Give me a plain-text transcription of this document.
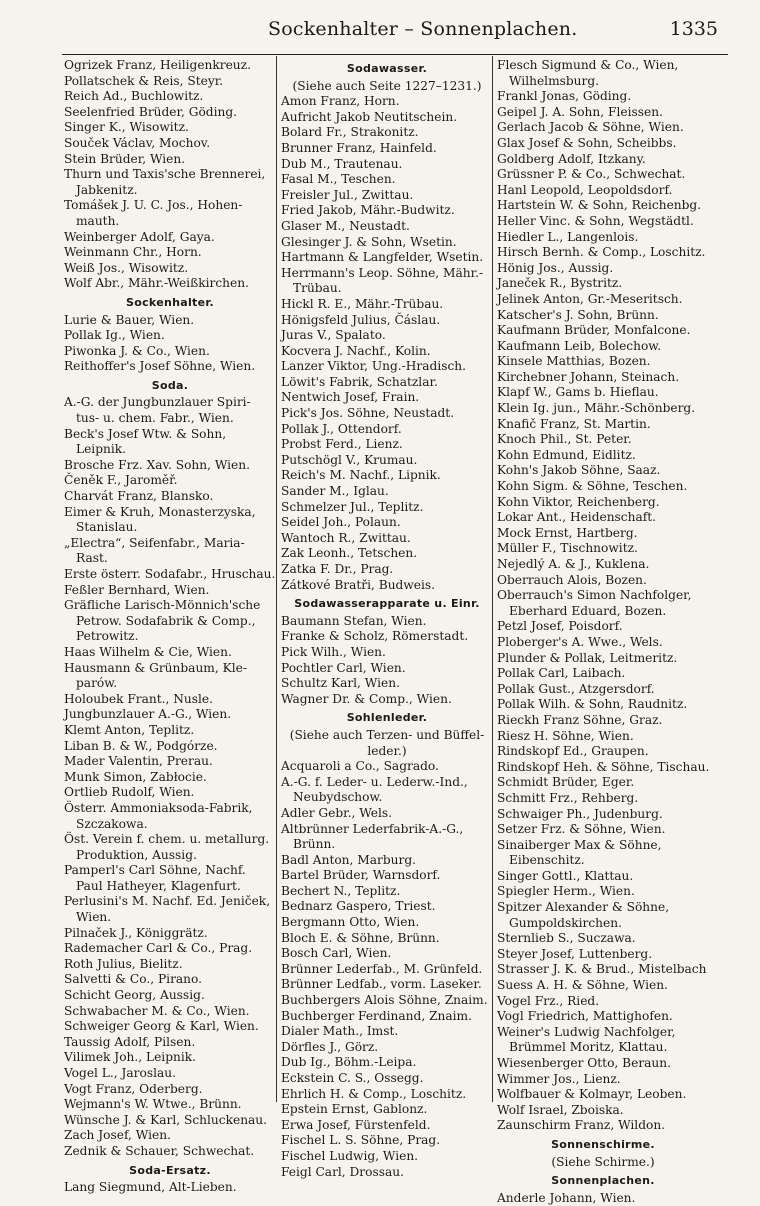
Sockenhalter – Sonnenplachen.	1335
Ogrizek Franz, Heiligenkreuz.
Pollatschek & Reis, Steyr.
Reich Ad., Buchlowitz.
Seelenfried Brüder, Göding.
Singer K., Wisowitz.
Souček Václav, Mochov.
Stein Brüder, Wien.
Thurn und Taxis'sche Brennerei,
Jabkenitz.
Tomášek J. U. C. Jos., Hohen-
mauth.
Weinberger Adolf, Gaya.
Weinmann Chr., Horn.
Weiß Jos., Wisowitz.
Wolf Abr., Mähr.-Weißkirchen.
Sockenhalter.
Lurie & Bauer, Wien.
Pollak Ig., Wien.
Piwonka J. & Co., Wien.
Reithoffer's Josef Söhne, Wien.
Soda.
A.-G. der Jungbunzlauer Spiri-
tus- u. chem. Fabr., Wien.
Beck's Josef Wtw. & Sohn,
Leipnik.
Brosche Frz. Xav. Sohn, Wien.
Čeněk F., Jaroměř.
Charvát Franz, Blansko.
Eimer & Kruh, Monasterzyska,
Stanislau.
„Electra“, Seifenfabr., Maria-
Rast.
Erste österr. Sodafabr., Hruschau.
Feßler Bernhard, Wien.
Gräfliche Larisch-Mönnich'sche
Petrow. Sodafabrik & Comp.,
Petrowitz.
Haas Wilhelm & Cie, Wien.
Hausmann & Grünbaum, Kle-
parów.
Holoubek Frant., Nusle.
Jungbunzlauer A.-G., Wien.
Klemt Anton, Teplitz.
Liban B. & W., Podgórze.
Mader Valentin, Prerau.
Munk Simon, Zabłocie.
Ortlieb Rudolf, Wien.
Österr. Ammoniaksoda-Fabrik,
Szczakowa.
Öst. Verein f. chem. u. metallurg.
Produktion, Aussig.
Pamperl's Carl Söhne, Nachf.
Paul Hatheyer, Klagenfurt.
Perlusini's M. Nachf. Ed. Jeniček,
Wien.
Pilnaček J., Königgrätz.
Rademacher Carl & Co., Prag.
Roth Julius, Bielitz.
Salvetti & Co., Pirano.
Schicht Georg, Aussig.
Schwabacher M. & Co., Wien.
Schweiger Georg & Karl, Wien.
Taussig Adolf, Pilsen.
Vilimek Joh., Leipnik.
Vogel L., Jaroslau.
Vogt Franz, Oderberg.
Wejmann's W. Wtwe., Brünn.
Wünsche J. & Karl, Schluckenau.
Zach Josef, Wien.
Zednik & Schauer, Schwechat.
Soda-Ersatz.
Lang Siegmund, Alt-Lieben.
Sodawasser.
(Siehe auch Seite 1227–1231.)
Amon Franz, Horn.
Aufricht Jakob Neutitschein.
Bolard Fr., Strakonitz.
Brunner Franz, Hainfeld.
Dub M., Trautenau.
Fasal M., Teschen.
Freisler Jul., Zwittau.
Fried Jakob, Mähr.-Budwitz.
Glaser M., Neustadt.
Glesinger J. & Sohn, Wsetin.
Hartmann & Langfelder, Wsetin.
Herrmann's Leop. Söhne, Mähr.-
Trübau.
Hickl R. E., Mähr.-Trübau.
Hönigsfeld Julius, Čáslau.
Juras V., Spalato.
Kocvera J. Nachf., Kolin.
Lanzer Viktor, Ung.-Hradisch.
Löwit's Fabrik, Schatzlar.
Nentwich Josef, Frain.
Pick's Jos. Söhne, Neustadt.
Pollak J., Ottendorf.
Probst Ferd., Lienz.
Putschögl V., Krumau.
Reich's M. Nachf., Lipnik.
Sander M., Iglau.
Schmelzer Jul., Teplitz.
Seidel Joh., Polaun.
Wantoch R., Zwittau.
Zak Leonh., Tetschen.
Zatka F. Dr., Prag.
Zátkové Bratři, Budweis.
Sodawasserapparate u. Einr.
Baumann Stefan, Wien.
Franke & Scholz, Römerstadt.
Pick Wilh., Wien.
Pochtler Carl, Wien.
Schultz Karl, Wien.
Wagner Dr. & Comp., Wien.
Sohlenleder.
(Siehe auch Terzen- und Büffel-
leder.)
Acquaroli a Co., Sagrado.
A.-G. f. Leder- u. Lederw.-Ind.,
Neubydschow.
Adler Gebr., Wels.
Altbrünner Lederfabrik-A.-G.,
Brünn.
Badl Anton, Marburg.
Bartel Brüder, Warnsdorf.
Bechert N., Teplitz.
Bednarz Gaspero, Triest.
Bergmann Otto, Wien.
Bloch E. & Söhne, Brünn.
Bosch Carl, Wien.
Brünner Lederfab., M. Grünfeld.
Brünner Ledfab., vorm. Laseker.
Buchbergers Alois Söhne, Znaim.
Buchberger Ferdinand, Znaim.
Dialer Math., Imst.
Dörfles J., Görz.
Dub Ig., Böhm.-Leipa.
Eckstein C. S., Ossegg.
Ehrlich H. & Comp., Loschitz.
Epstein Ernst, Gablonz.
Erwa Josef, Fürstenfeld.
Fischel L. S. Söhne, Prag.
Fischel Ludwig, Wien.
Feigl Carl, Drossau.
Flesch Sigmund & Co., Wien,
Wilhelmsburg.
Frankl Jonas, Göding.
Geipel J. A. Sohn, Fleissen.
Gerlach Jacob & Söhne, Wien.
Glax Josef & Sohn, Scheibbs.
Goldberg Adolf, Itzkany.
Grüssner P. & Co., Schwechat.
Hanl Leopold, Leopoldsdorf.
Hartstein W. & Sohn, Reichenbg.
Heller Vinc. & Sohn, Wegstädtl.
Hiedler L., Langenlois.
Hirsch Bernh. & Comp., Loschitz.
Hönig Jos., Aussig.
Janeček R., Bystritz.
Jelinek Anton, Gr.-Meseritsch.
Katscher's J. Sohn, Brünn.
Kaufmann Brüder, Monfalcone.
Kaufmann Leib, Bolechow.
Kinsele Matthias, Bozen.
Kirchebner Johann, Steinach.
Klapf W., Gams b. Hieflau.
Klein Ig. jun., Mähr.-Schönberg.
Knafič Franz, St. Martin.
Knoch Phil., St. Peter.
Kohn Edmund, Eidlitz.
Kohn's Jakob Söhne, Saaz.
Kohn Sigm. & Söhne, Teschen.
Kohn Viktor, Reichenberg.
Lokar Ant., Heidenschaft.
Mock Ernst, Hartberg.
Müller F., Tischnowitz.
Nejedlý A. & J., Kuklena.
Oberrauch Alois, Bozen.
Oberrauch's Simon Nachfolger,
Eberhard Eduard, Bozen.
Petzl Josef, Poisdorf.
Ploberger's A. Wwe., Wels.
Plunder & Pollak, Leitmeritz.
Pollak Carl, Laibach.
Pollak Gust., Atzgersdorf.
Pollak Wilh. & Sohn, Raudnitz.
Rieckh Franz Söhne, Graz.
Riesz H. Söhne, Wien.
Rindskopf Ed., Graupen.
Rindskopf Heh. & Söhne, Tischau.
Schmidt Brüder, Eger.
Schmitt Frz., Rehberg.
Schwaiger Ph., Judenburg.
Setzer Frz. & Söhne, Wien.
Sinaiberger Max & Söhne,
Eibenschitz.
Singer Gottl., Klattau.
Spiegler Herm., Wien.
Spitzer Alexander & Söhne,
Gumpoldskirchen.
Sternlieb S., Suczawa.
Steyer Josef, Luttenberg.
Strasser J. K. & Brud., Mistelbach
Suess A. H. & Söhne, Wien.
Vogel Frz., Ried.
Vogl Friedrich, Mattighofen.
Weiner's Ludwig Nachfolger,
Brümmel Moritz, Klattau.
Wiesenberger Otto, Beraun.
Wimmer Jos., Lienz.
Wolfbauer & Kolmayr, Leoben.
Wolf Israel, Zboiska.
Zaunschirm Franz, Wildon.
Sonnenschirme.
(Siehe Schirme.)
Sonnenplachen.
Anderle Johann, Wien.
